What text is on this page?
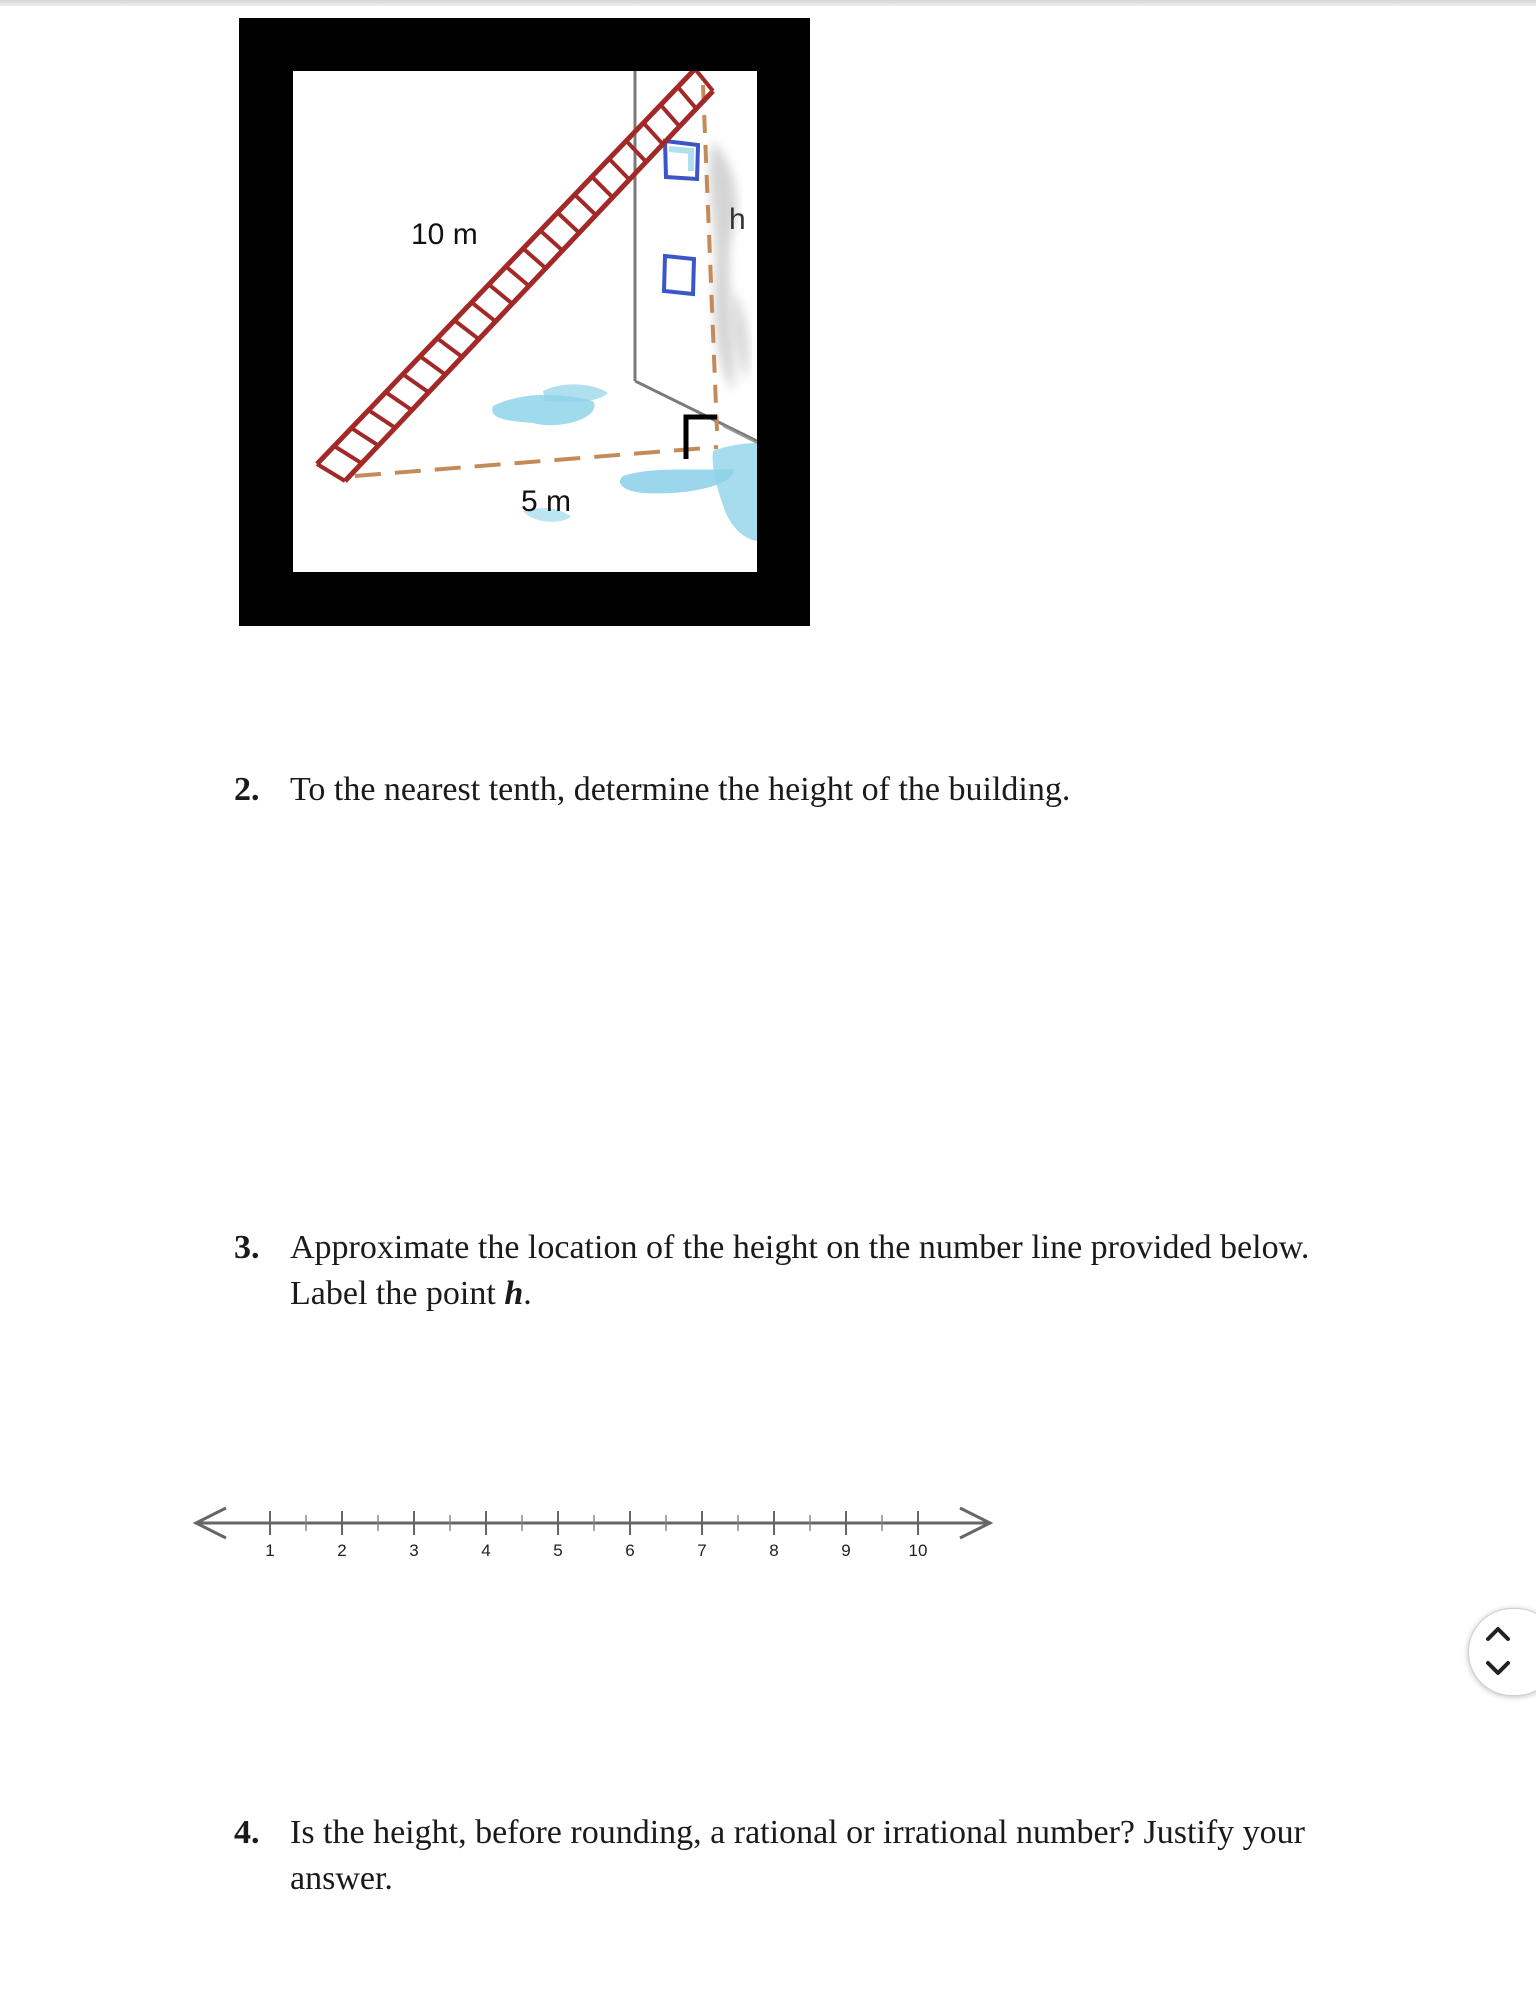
10 m
5 m
h
2. To the nearest tenth, determine the height of the building.
3. Approximate the location of the height on the number line provided below. Label the point h.
1	2	3	4	5	6	7	8	9	10
4. Is the height, before rounding, a rational or irrational number? Justify your answer.
